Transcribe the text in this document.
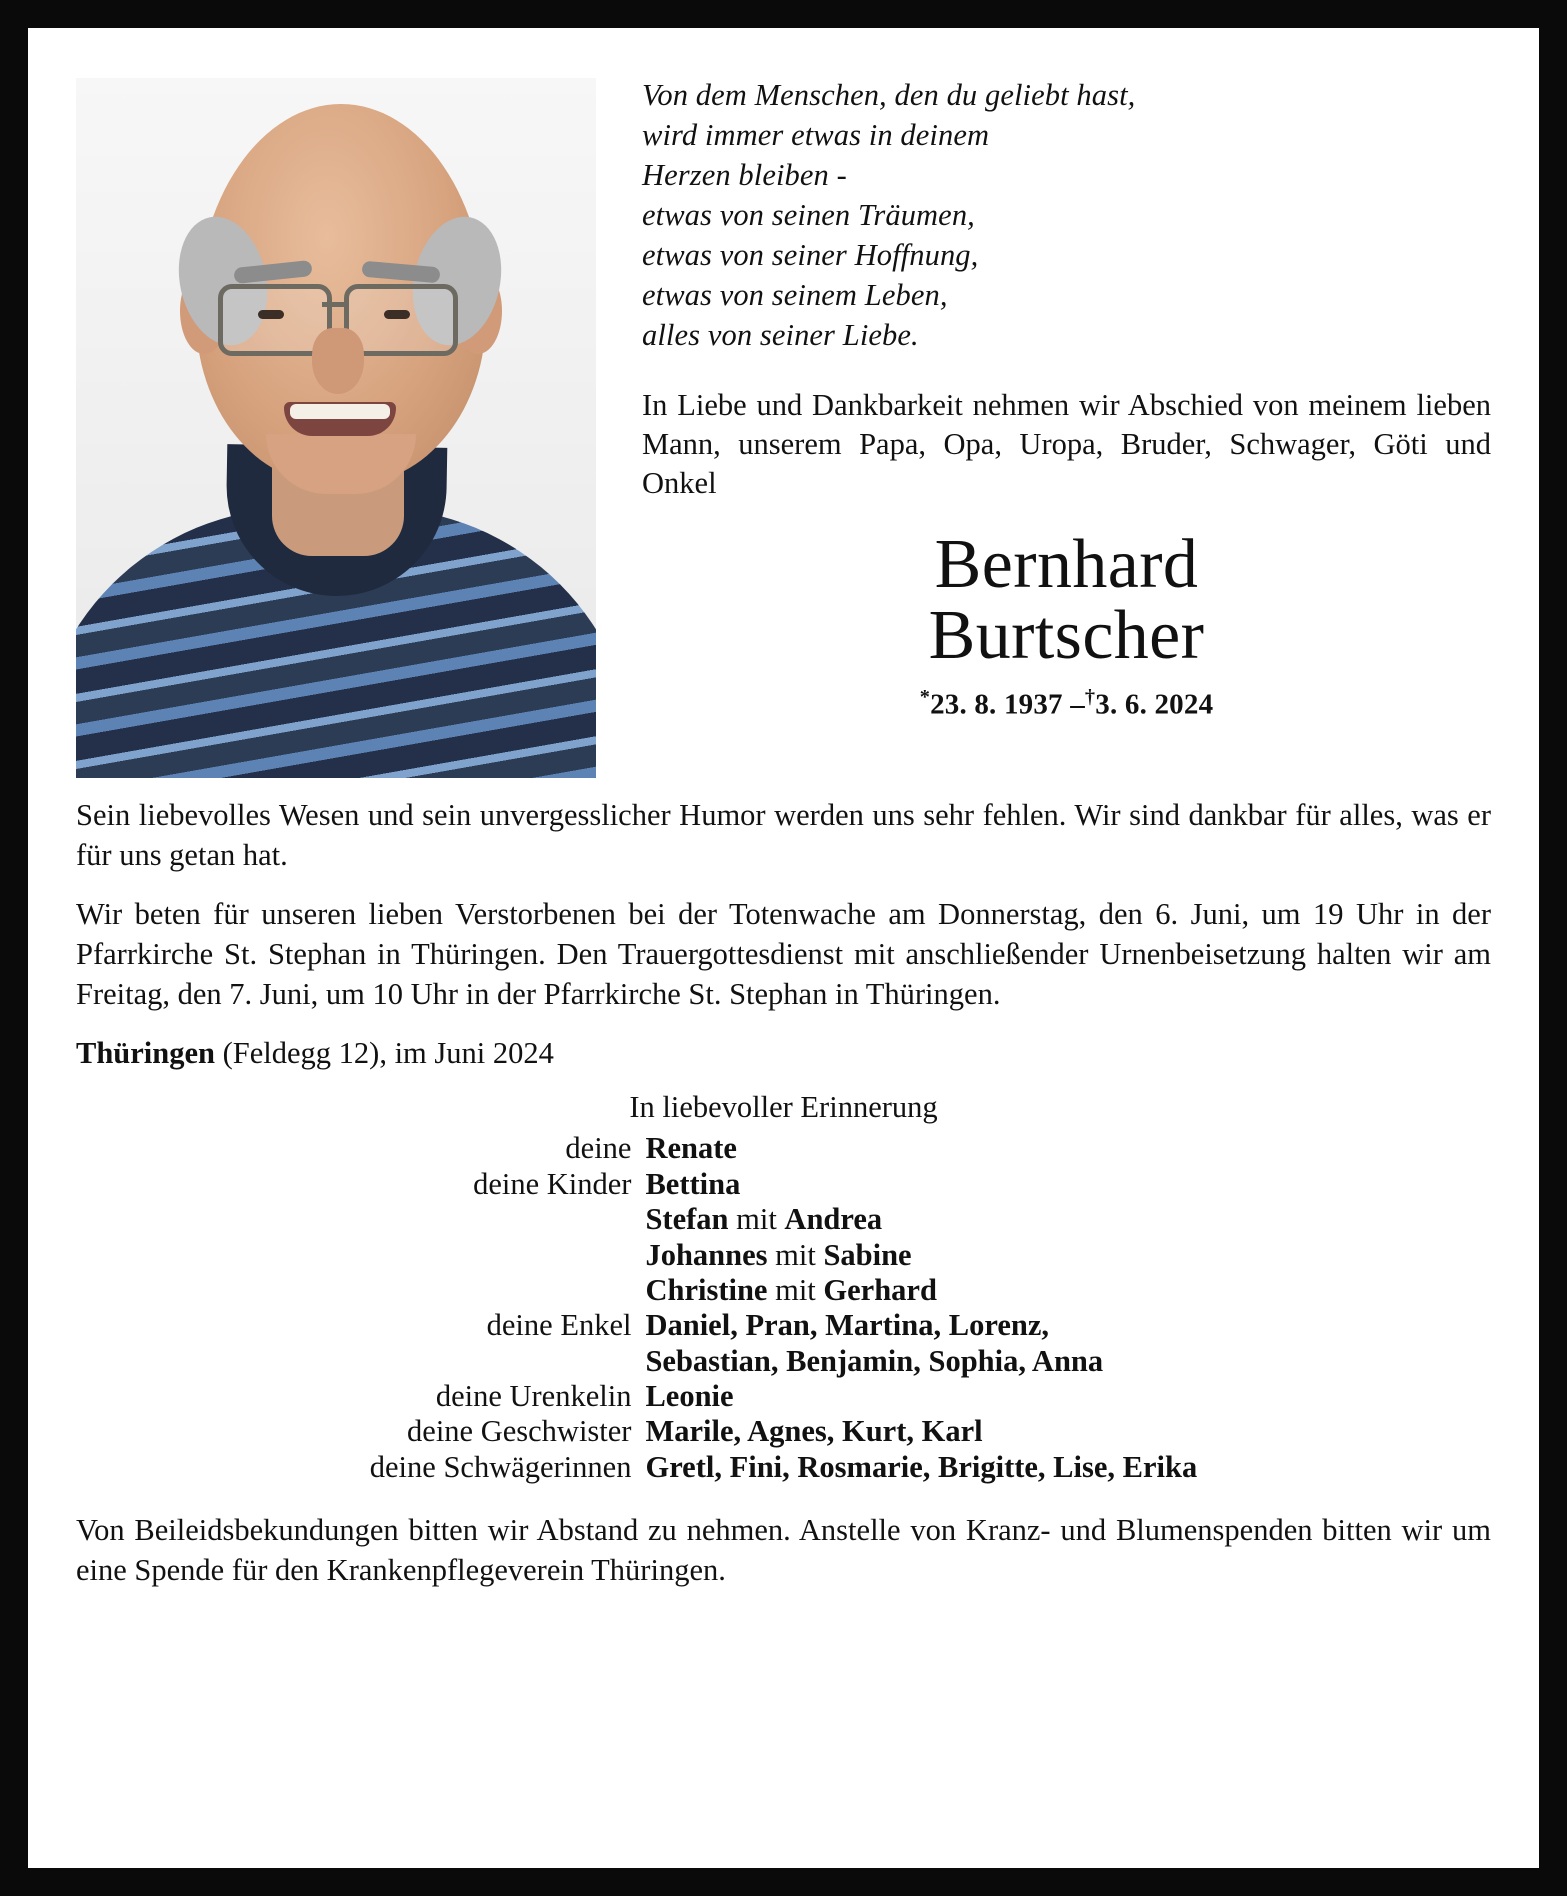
Von dem Menschen, den du geliebt hast,
wird immer etwas in deinem
Herzen bleiben -
etwas von seinen Träumen,
etwas von seiner Hoffnung,
etwas von seinem Leben,
alles von seiner Liebe.
In Liebe und Dankbarkeit nehmen wir Abschied von meinem lieben Mann, unserem Papa, Opa, Uropa, Bruder, Schwager, Göti und Onkel
Bernhard
Burtscher
*23. 8. 1937 –†3. 6. 2024
Sein liebevolles Wesen und sein unvergesslicher Humor werden uns sehr fehlen. Wir sind dankbar für alles, was er für uns getan hat.
Wir beten für unseren lieben Verstorbenen bei der Totenwache am Donnerstag, den 6. Juni, um 19 Uhr in der Pfarrkirche St. Stephan in Thüringen. Den Trauergottesdienst mit anschließender Urnenbeisetzung halten wir am Freitag, den 7. Juni, um 10 Uhr in der Pfarrkirche St. Stephan in Thüringen.
Thüringen (Feldegg 12), im Juni 2024
In liebevoller Erinnerung
deine	Renate
deine Kinder	Bettina
	Stefan mit Andrea
	Johannes mit Sabine
	Christine mit Gerhard
deine Enkel	Daniel, Pran, Martina, Lorenz,
	Sebastian, Benjamin, Sophia, Anna
deine Urenkelin	Leonie
deine Geschwister	Marile, Agnes, Kurt, Karl
deine Schwägerinnen	Gretl, Fini, Rosmarie, Brigitte, Lise, Erika
Von Beileidsbekundungen bitten wir Abstand zu nehmen. Anstelle von Kranz- und Blumenspenden bitten wir um eine Spende für den Krankenpflegeverein Thüringen.
